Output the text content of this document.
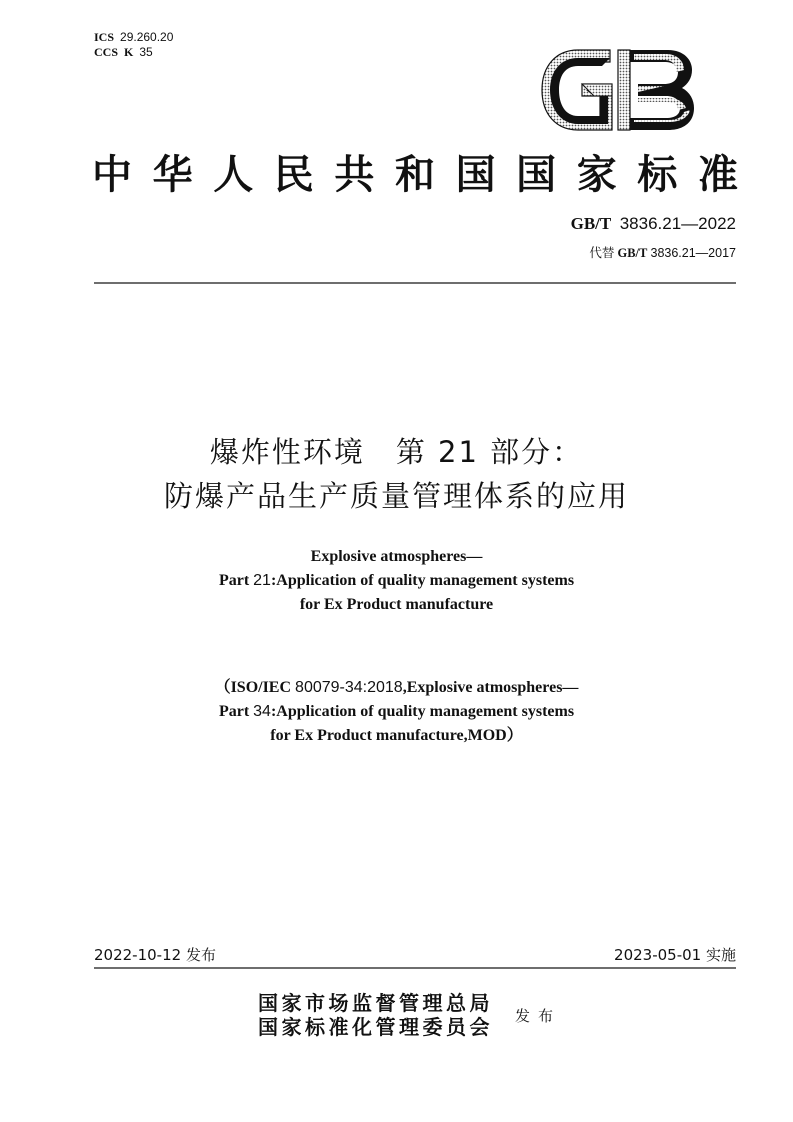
ICS 29.260.20
CCS K 35
中 华 人 民 共 和 国 国 家 标 准
GB/T 3836.21—2022
代替 GB/T 3836.21—2017
爆炸性环境　第 21 部分：
防爆产品生产质量管理体系的应用
Explosive atmospheres—
Part 21:Application of quality management systems
for Ex Product manufacture
（ISO/IEC 80079-34:2018,Explosive atmospheres—
Part 34:Application of quality management systems
for Ex Product manufacture,MOD）
2022-10-12 发布	2023-05-01 实施
国家市场监督管理总局
国家标准化管理委员会 发布
